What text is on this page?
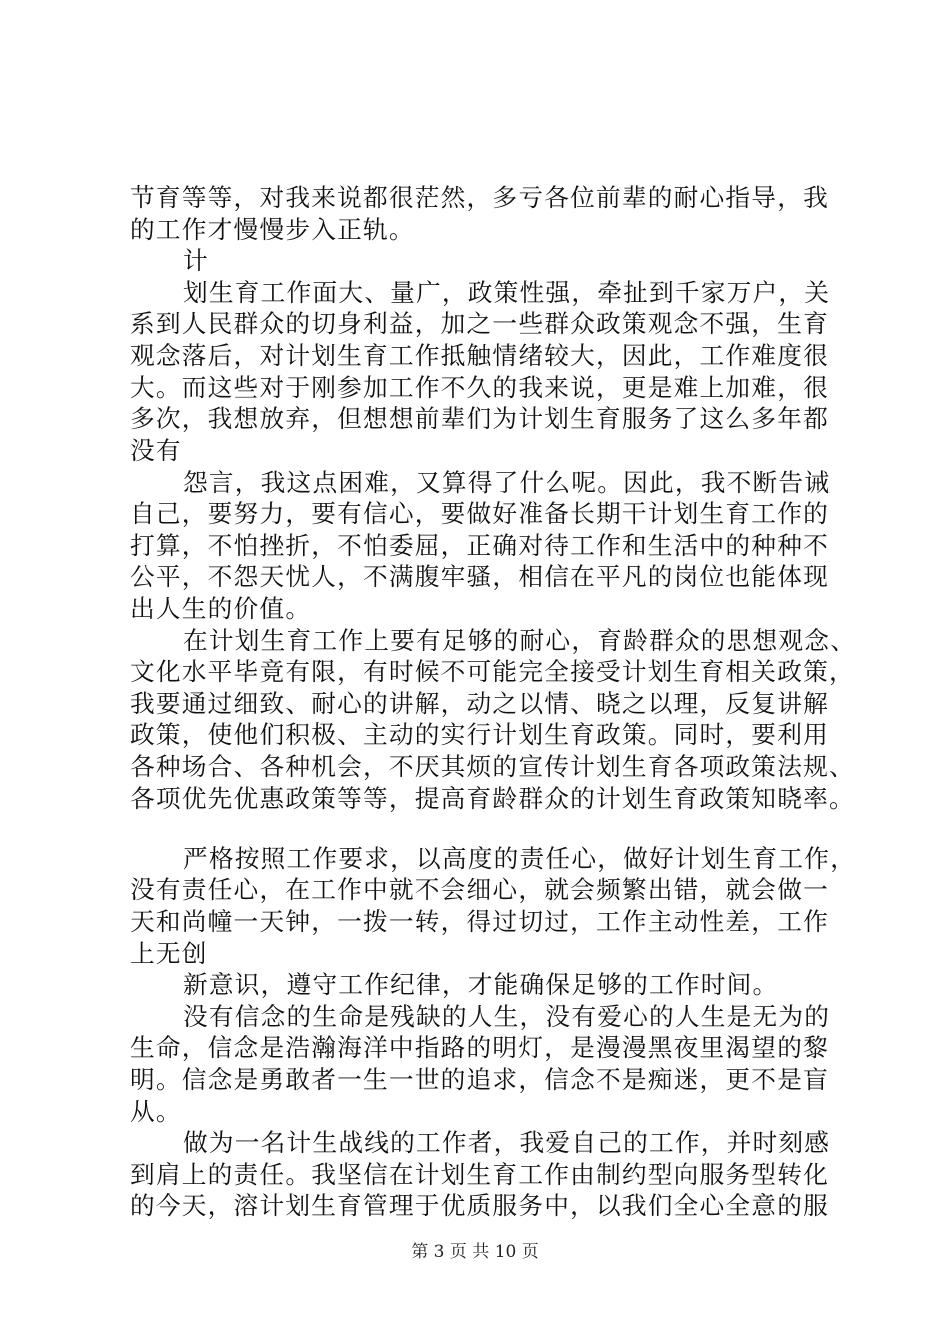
第 3 页 共 10 页
节育等等，对我来说都很茫然，多亏各位前辈的耐心指导，我
的工作才慢慢步入正轨。
计
划生育工作面大、量广，政策性强，牵扯到千家万户，关
系到人民群众的切身利益，加之一些群众政策观念不强，生育
观念落后，对计划生育工作抵触情绪较大，因此，工作难度很
大。而这些对于刚参加工作不久的我来说，更是难上加难，很
多次，我想放弃，但想想前辈们为计划生育服务了这么多年都
没有
怨言，我这点困难，又算得了什么呢。因此，我不断告诫
自己，要努力，要有信心，要做好准备长期干计划生育工作的
打算，不怕挫折，不怕委屈，正确对待工作和生活中的种种不
公平，不怨天忧人，不满腹牢骚，相信在平凡的岗位也能体现
出人生的价值。
在计划生育工作上要有足够的耐心，育龄群众的思想观念、
文化水平毕竟有限，有时候不可能完全接受计划生育相关政策，
我要通过细致、耐心的讲解，动之以情、晓之以理，反复讲解
政策，使他们积极、主动的实行计划生育政策。同时，要利用
各种场合、各种机会，不厌其烦的宣传计划生育各项政策法规、
各项优先优惠政策等等，提高育龄群众的计划生育政策知晓率。
严格按照工作要求，以高度的责任心，做好计划生育工作，
没有责任心，在工作中就不会细心，就会频繁出错，就会做一
天和尚幢一天钟，一拨一转，得过切过，工作主动性差，工作
上无创
新意识，遵守工作纪律，才能确保足够的工作时间。
没有信念的生命是残缺的人生，没有爱心的人生是无为的
生命，信念是浩瀚海洋中指路的明灯，是漫漫黑夜里渴望的黎
明。信念是勇敢者一生一世的追求，信念不是痴迷，更不是盲
从。
做为一名计生战线的工作者，我爱自己的工作，并时刻感
到肩上的责任。我坚信在计划生育工作由制约型向服务型转化
的今天，溶计划生育管理于优质服务中，以我们全心全意的服
